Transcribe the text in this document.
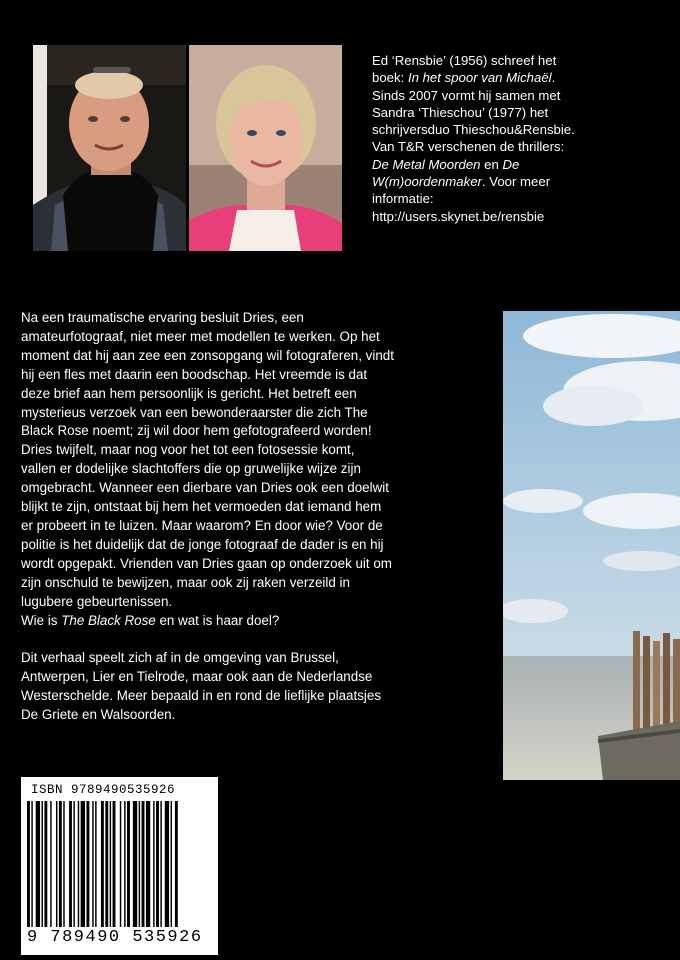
Ed ‘Rensbie’ (1956) schreef het
boek: In het spoor van Michaël.
Sinds 2007 vormt hij samen met
Sandra ‘Thieschou’ (1977) het
schrijversduo Thieschou&Rensbie.
Van T&R verschenen de thrillers:
De Metal Moorden en De
W(m)oordenmaker. Voor meer
informatie:
http://users.skynet.be/rensbie

Na een traumatische ervaring besluit Dries, een
amateurfotograaf, niet meer met modellen te werken. Op het
moment dat hij aan zee een zonsopgang wil fotograferen, vindt
hij een fles met daarin een boodschap. Het vreemde is dat
deze brief aan hem persoonlijk is gericht. Het betreft een
mysterieus verzoek van een bewonderaarster die zich The
Black Rose noemt; zij wil door hem gefotografeerd worden!
Dries twijfelt, maar nog voor het tot een fotosessie komt,
vallen er dodelijke slachtoffers die op gruwelijke wijze zijn
omgebracht. Wanneer een dierbare van Dries ook een doelwit
blijkt te zijn, ontstaat bij hem het vermoeden dat iemand hem
er probeert in te luizen. Maar waarom? En door wie? Voor de
politie is het duidelijk dat de jonge fotograaf de dader is en hij
wordt opgepakt. Vrienden van Dries gaan op onderzoek uit om
zijn onschuld te bewijzen, maar ook zij raken verzeild in
lugubere gebeurtenissen.
Wie is The Black Rose en wat is haar doel?

Dit verhaal speelt zich af in de omgeving van Brussel,
Antwerpen, Lier en Tielrode, maar ook aan de Nederlandse
Westerschelde. Meer bepaald in en rond de lieflijke plaatsjes
De Griete en Walsoorden.

ISBN 9789490535926
9 789490 535926
